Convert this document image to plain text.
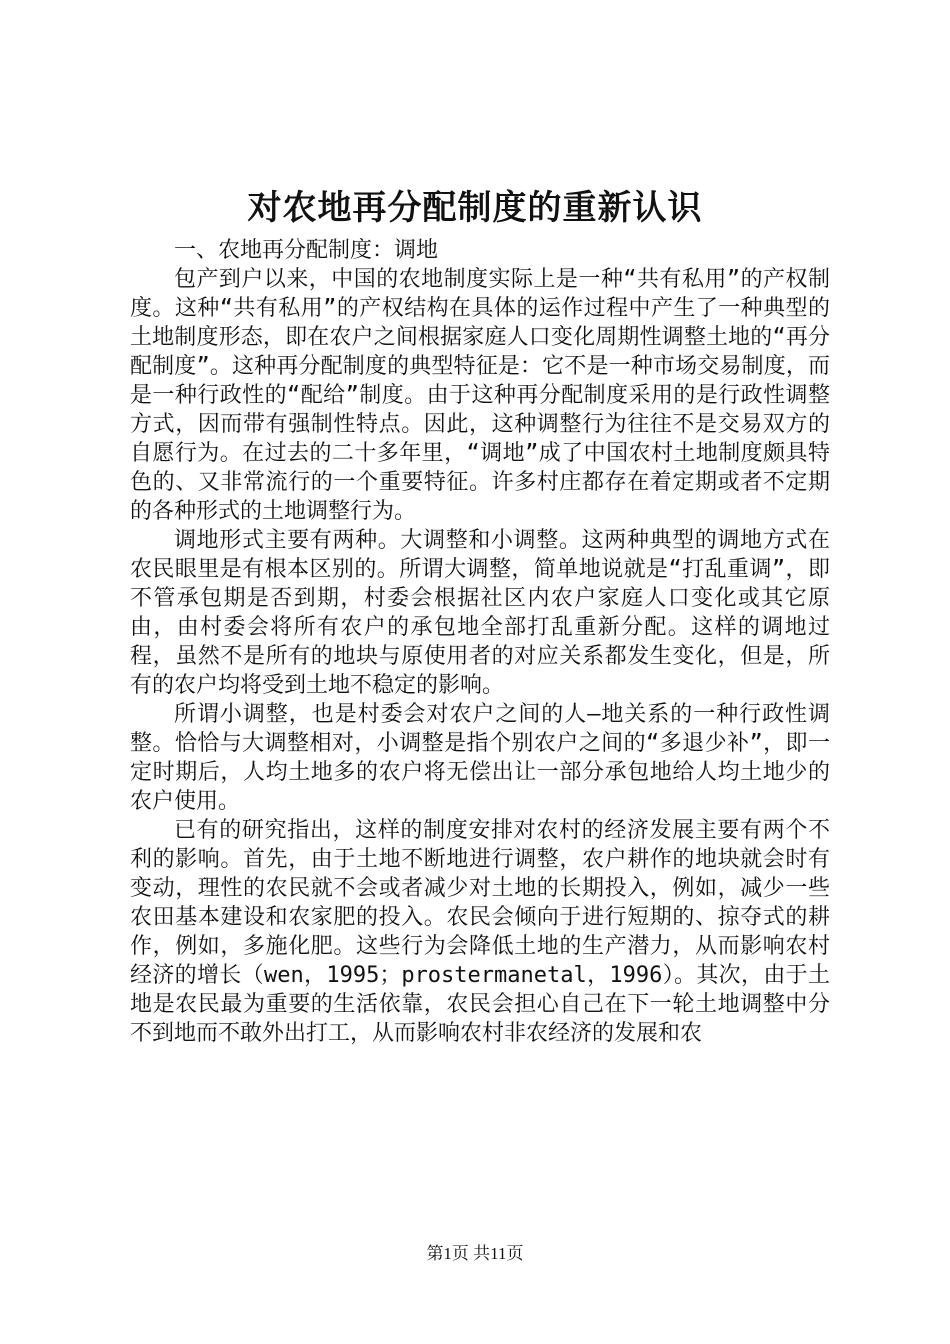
对农地再分配制度的重新认识
一、农地再分配制度：调地

包产到户以来，中国的农地制度实际上是一种“共有私用”的产权制度。这种“共有私用”的产权结构在具体的运作过程中产生了一种典型的土地制度形态，即在农户之间根据家庭人口变化周期性调整土地的“再分配制度”。这种再分配制度的典型特征是：它不是一种市场交易制度，而是一种行政性的“配给”制度。由于这种再分配制度采用的是行政性调整方式，因而带有强制性特点。因此，这种调整行为往往不是交易双方的自愿行为。在过去的二十多年里，“调地”成了中国农村土地制度颇具特色的、又非常流行的一个重要特征。许多村庄都存在着定期或者不定期的各种形式的土地调整行为。

调地形式主要有两种。大调整和小调整。这两种典型的调地方式在农民眼里是有根本区别的。所谓大调整，简单地说就是“打乱重调”，即不管承包期是否到期，村委会根据社区内农户家庭人口变化或其它原由，由村委会将所有农户的承包地全部打乱重新分配。这样的调地过程，虽然不是所有的地块与原使用者的对应关系都发生变化，但是，所有的农户均将受到土地不稳定的影响。

所谓小调整，也是村委会对农户之间的人—地关系的一种行政性调整。恰恰与大调整相对，小调整是指个别农户之间的“多退少补”，即一定时期后，人均土地多的农户将无偿出让一部分承包地给人均土地少的农户使用。

已有的研究指出，这样的制度安排对农村的经济发展主要有两个不利的影响。首先，由于土地不断地进行调整，农户耕作的地块就会时有变动，理性的农民就不会或者减少对土地的长期投入，例如，减少一些农田基本建设和农家肥的投入。农民会倾向于进行短期的、掠夺式的耕作，例如，多施化肥。这些行为会降低土地的生产潜力，从而影响农村经济的增长（wen，1995；prostermanetal，1996）。其次，由于土地是农民最为重要的生活依靠，农民会担心自己在下一轮土地调整中分不到地而不敢外出打工，从而影响农村非农经济的发展和农

第1页 共11页
